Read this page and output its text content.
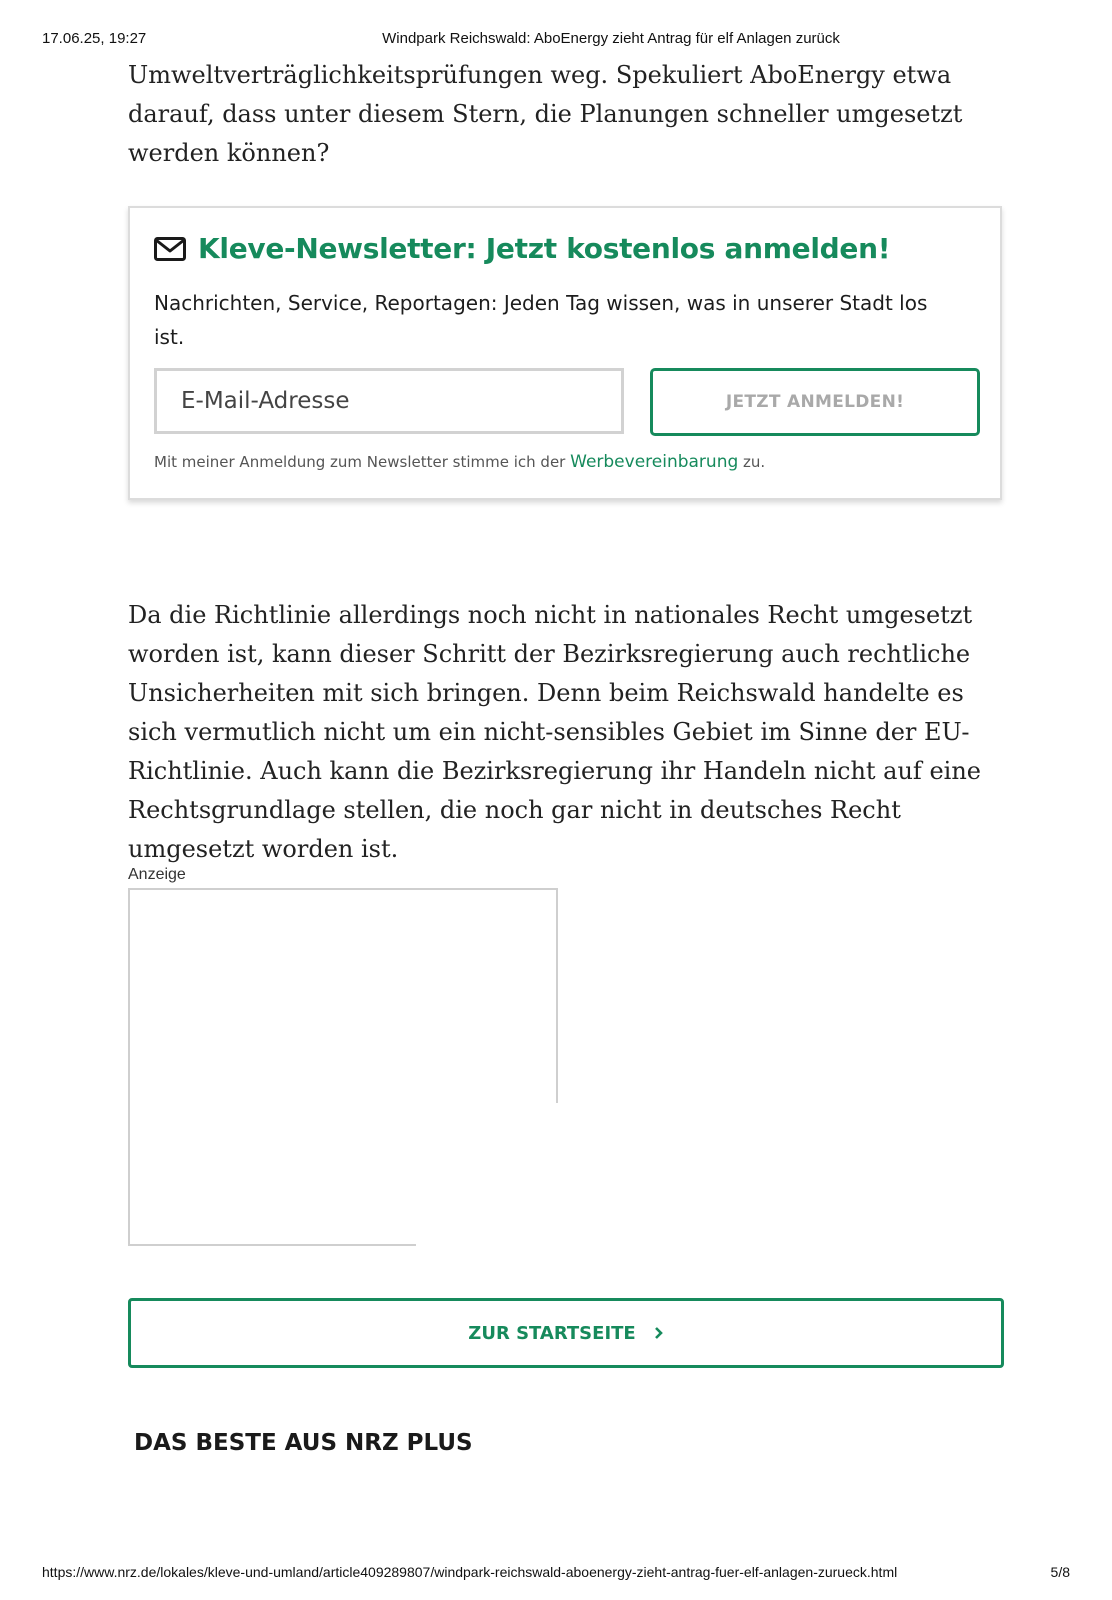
17.06.25, 19:27	Windpark Reichswald: AboEnergy zieht Antrag für elf Anlagen zurück

Umweltverträglichkeitsprüfungen weg. Spekuliert AboEnergy etwa darauf, dass unter diesem Stern, die Planungen schneller umgesetzt werden können?

Kleve-Newsletter: Jetzt kostenlos anmelden!
Nachrichten, Service, Reportagen: Jeden Tag wissen, was in unserer Stadt los ist.
E-Mail-Adresse
JETZT ANMELDEN!
Mit meiner Anmeldung zum Newsletter stimme ich der Werbevereinbarung zu.

Da die Richtlinie allerdings noch nicht in nationales Recht umgesetzt worden ist, kann dieser Schritt der Bezirksregierung auch rechtliche Unsicherheiten mit sich bringen. Denn beim Reichswald handelte es sich vermutlich nicht um ein nicht-sensibles Gebiet im Sinne der EU-Richtlinie. Auch kann die Bezirksregierung ihr Handeln nicht auf eine Rechtsgrundlage stellen, die noch gar nicht in deutsches Recht umgesetzt worden ist.

Anzeige
ZUR STARTSEITE
DAS BESTE AUS NRZ PLUS
https://www.nrz.de/lokales/kleve-und-umland/article409289807/windpark-reichswald-aboenergy-zieht-antrag-fuer-elf-anlagen-zurueck.html	5/8
